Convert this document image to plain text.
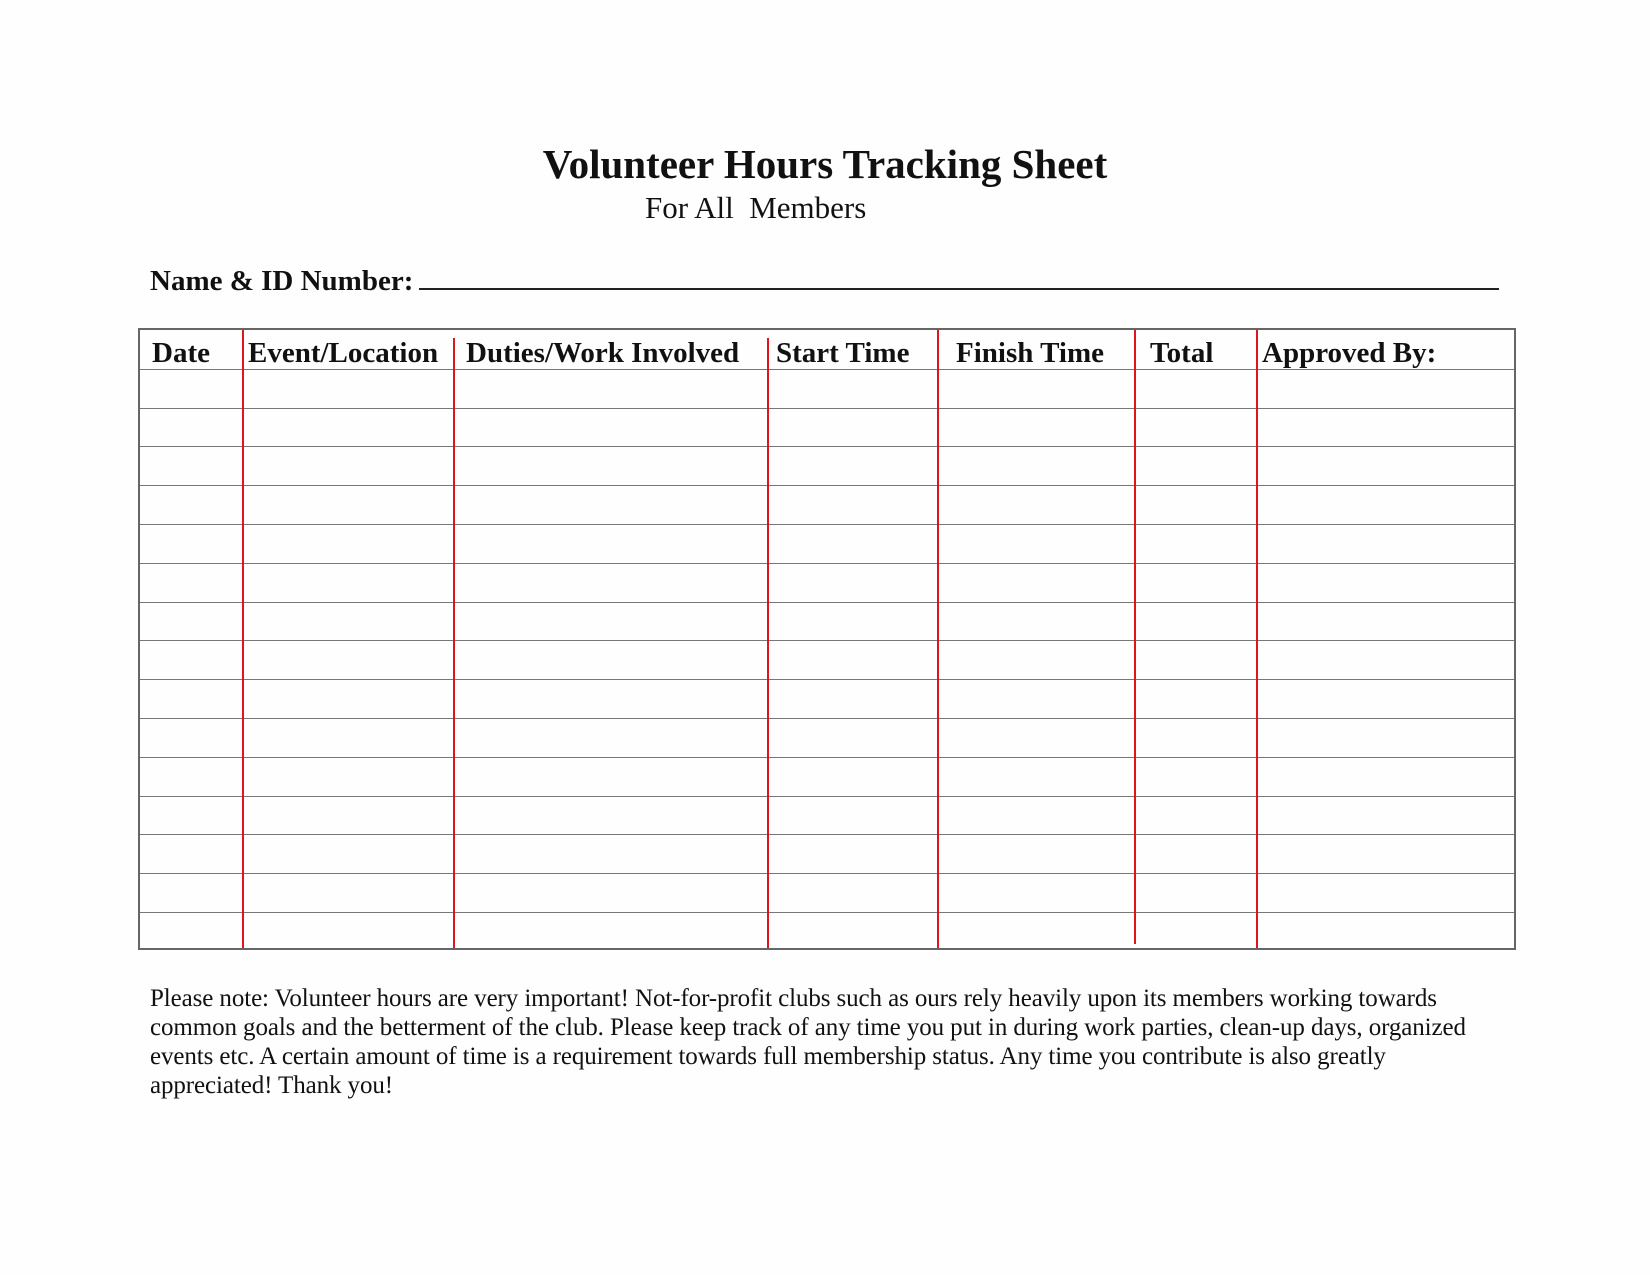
Volunteer Hours Tracking Sheet
For All  Members
Name & ID Number:
Date Event/Location Duties/Work Involved Start Time Finish Time Total Approved By:

Please note: Volunteer hours are very important! Not-for-profit clubs such as ours rely heavily upon its members working towards

common goals and the betterment of the club. Please keep track of any time you put in during work parties, clean-up days, organized

events etc. A certain amount of time is a requirement towards full membership status. Any time you contribute is also greatly

appreciated! Thank you!
